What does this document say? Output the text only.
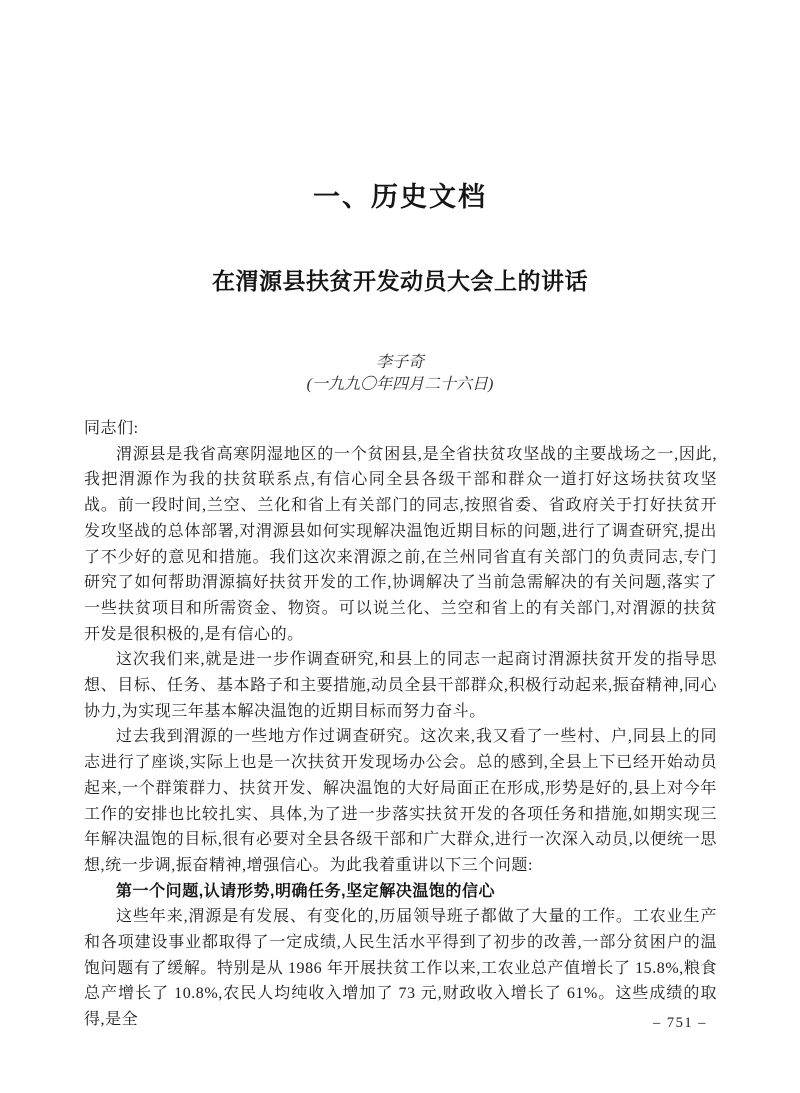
一、历史文档
在渭源县扶贫开发动员大会上的讲话
李子奇
(一九九〇年四月二十六日)

同志们:

渭源县是我省高寒阴湿地区的一个贫困县,是全省扶贫攻坚战的主要战场之一,因此,我把渭源作为我的扶贫联系点,有信心同全县各级干部和群众一道打好这场扶贫攻坚战。前一段时间,兰空、兰化和省上有关部门的同志,按照省委、省政府关于打好扶贫开发攻坚战的总体部署,对渭源县如何实现解决温饱近期目标的问题,进行了调查研究,提出了不少好的意见和措施。我们这次来渭源之前,在兰州同省直有关部门的负责同志,专门研究了如何帮助渭源搞好扶贫开发的工作,协调解决了当前急需解决的有关问题,落实了一些扶贫项目和所需资金、物资。可以说兰化、兰空和省上的有关部门,对渭源的扶贫开发是很积极的,是有信心的。

这次我们来,就是进一步作调查研究,和县上的同志一起商讨渭源扶贫开发的指导思想、目标、任务、基本路子和主要措施,动员全县干部群众,积极行动起来,振奋精神,同心协力,为实现三年基本解决温饱的近期目标而努力奋斗。

过去我到渭源的一些地方作过调查研究。这次来,我又看了一些村、户,同县上的同志进行了座谈,实际上也是一次扶贫开发现场办公会。总的感到,全县上下已经开始动员起来,一个群策群力、扶贫开发、解决温饱的大好局面正在形成,形势是好的,县上对今年工作的安排也比较扎实、具体,为了进一步落实扶贫开发的各项任务和措施,如期实现三年解决温饱的目标,很有必要对全县各级干部和广大群众,进行一次深入动员,以便统一思想,统一步调,振奋精神,增强信心。为此我着重讲以下三个问题:

第一个问题,认请形势,明确任务,坚定解决温饱的信心

这些年来,渭源是有发展、有变化的,历届领导班子都做了大量的工作。工农业生产和各项建设事业都取得了一定成绩,人民生活水平得到了初步的改善,一部分贫困户的温饱问题有了缓解。特别是从 1986 年开展扶贫工作以来,工农业总产值增长了 15.8%,粮食总产增长了 10.8%,农民人均纯收入增加了 73 元,财政收入增长了 61%。这些成绩的取得,是全	– 751 –
